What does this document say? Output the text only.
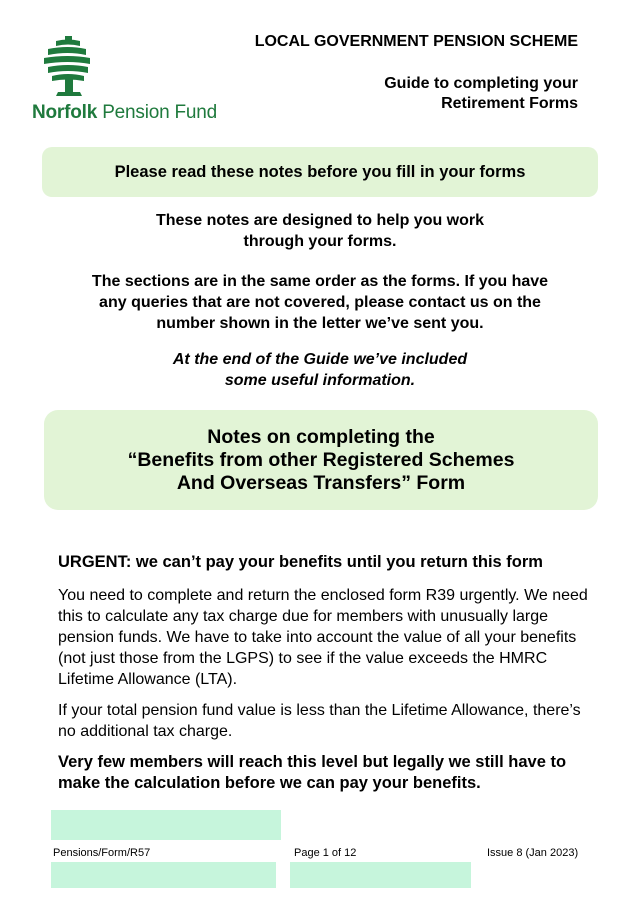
Norfolk Pension Fund
LOCAL GOVERNMENT PENSION SCHEME
Guide to completing your
Retirement Forms
Please read these notes before you fill in your forms
These notes are designed to help you work
through your forms.
The sections are in the same order as the forms. If you have
any queries that are not covered, please contact us on the
number shown in the letter we’ve sent you.
At the end of the Guide we’ve included
some useful information.
Notes on completing the
“Benefits from other Registered Schemes
And Overseas Transfers” Form
URGENT: we can’t pay your benefits until you return this form
You need to complete and return the enclosed form R39 urgently. We need this to calculate any tax charge due for members with unusually large pension funds. We have to take into account the value of all your benefits (not just those from the LGPS) to see if the value exceeds the HMRC Lifetime Allowance (LTA).
If your total pension fund value is less than the Lifetime Allowance, there’s no additional tax charge.
Very few members will reach this level but legally we still have to make the calculation before we can pay your benefits.
Pensions/Form/R57	Page 1 of 12	Issue 8 (Jan 2023)
